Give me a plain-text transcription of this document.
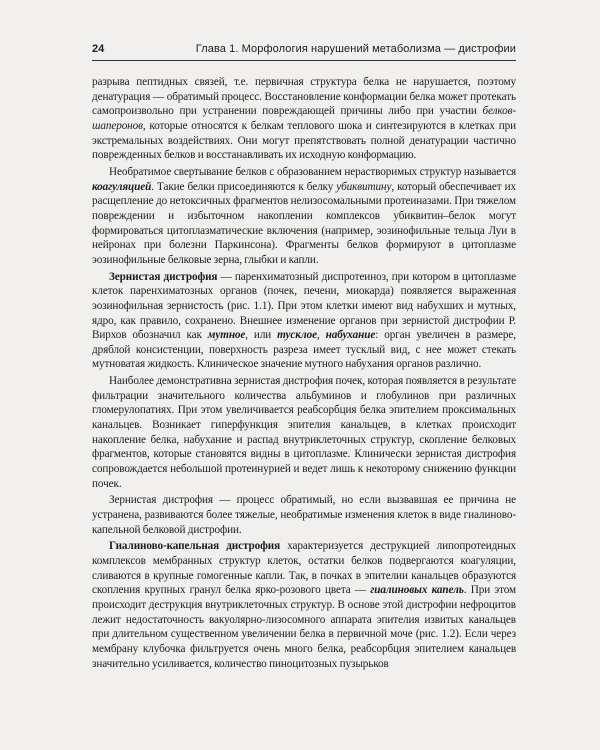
24	Глава 1. Морфология нарушений метаболизма — дистрофии

разрыва пептидных связей, т.е. первичная структура белка не нарушается, поэтому денатурация — обратимый процесс. Восстановление конформации белка может протекать самопроизвольно при устранении повреждающей причины либо при участии белков-шаперонов, которые относятся к белкам теплового шока и синтезируются в клетках при экстремальных воздействиях. Они могут препятствовать полной денатурации частично поврежденных белков и восстанавливать их исходную конформацию.

Необратимое свертывание белков с образованием нерастворимых структур называется коагуляцией. Такие белки присоединяются к белку убиквитину, который обеспечивает их расщепление до нетоксичных фрагментов нелизосомальными протеиназами. При тяжелом повреждении и избыточном накоплении комплексов убиквитин–белок могут формироваться цитоплазматические включения (например, эозинофильные тельца Луи в нейронах при болезни Паркинсона). Фрагменты белков формируют в цитоплазме эозинофильные белковые зерна, глыбки и капли.

Зернистая дистрофия — паренхиматозный диспротеиноз, при котором в цитоплазме клеток паренхиматозных органов (почек, печени, миокарда) появляется выраженная эозинофильная зернистость (рис. 1.1). При этом клетки имеют вид набухших и мутных, ядро, как правило, сохранено. Внешнее изменение органов при зернистой дистрофии Р. Вирхов обозначил как мутное, или тусклое, набухание: орган увеличен в размере, дряблой консистенции, поверхность разреза имеет тусклый вид, с нее может стекать мутноватая жидкость. Клиническое значение мутного набухания органов различно.

Наиболее демонстративна зернистая дистрофия почек, которая появляется в результате фильтрации значительного количества альбуминов и глобулинов при различных гломерулопатиях. При этом увеличивается реабсорбция белка эпителием проксимальных канальцев. Возникает гиперфункция эпителия канальцев, в клетках происходит накопление белка, набухание и распад внутриклеточных структур, скопление белковых фрагментов, которые становятся видны в цитоплазме. Клинически зернистая дистрофия сопровождается небольшой протеинурией и ведет лишь к некоторому снижению функции почек.

Зернистая дистрофия — процесс обратимый, но если вызвавшая ее причина не устранена, развиваются более тяжелые, необратимые изменения клеток в виде гиалиново-капельной белковой дистрофии.

Гиалиново-капельная дистрофия характеризуется деструкцией липопротеидных комплексов мембранных структур клеток, остатки белков подвергаются коагуляции, сливаются в крупные гомогенные капли. Так, в почках в эпителии канальцев образуются скопления крупных гранул белка ярко-розового цвета — гиалиновых капель. При этом происходит деструкция внутриклеточных структур. В основе этой дистрофии нефроцитов лежит недостаточность вакуолярно-лизосомного аппарата эпителия извитых канальцев при длительном существенном увеличении белка в первичной моче (рис. 1.2). Если через мембрану клубочка фильтруется очень много белка, реабсорбция эпителием канальцев значительно усиливается, количество пиноцитозных пузырьков
